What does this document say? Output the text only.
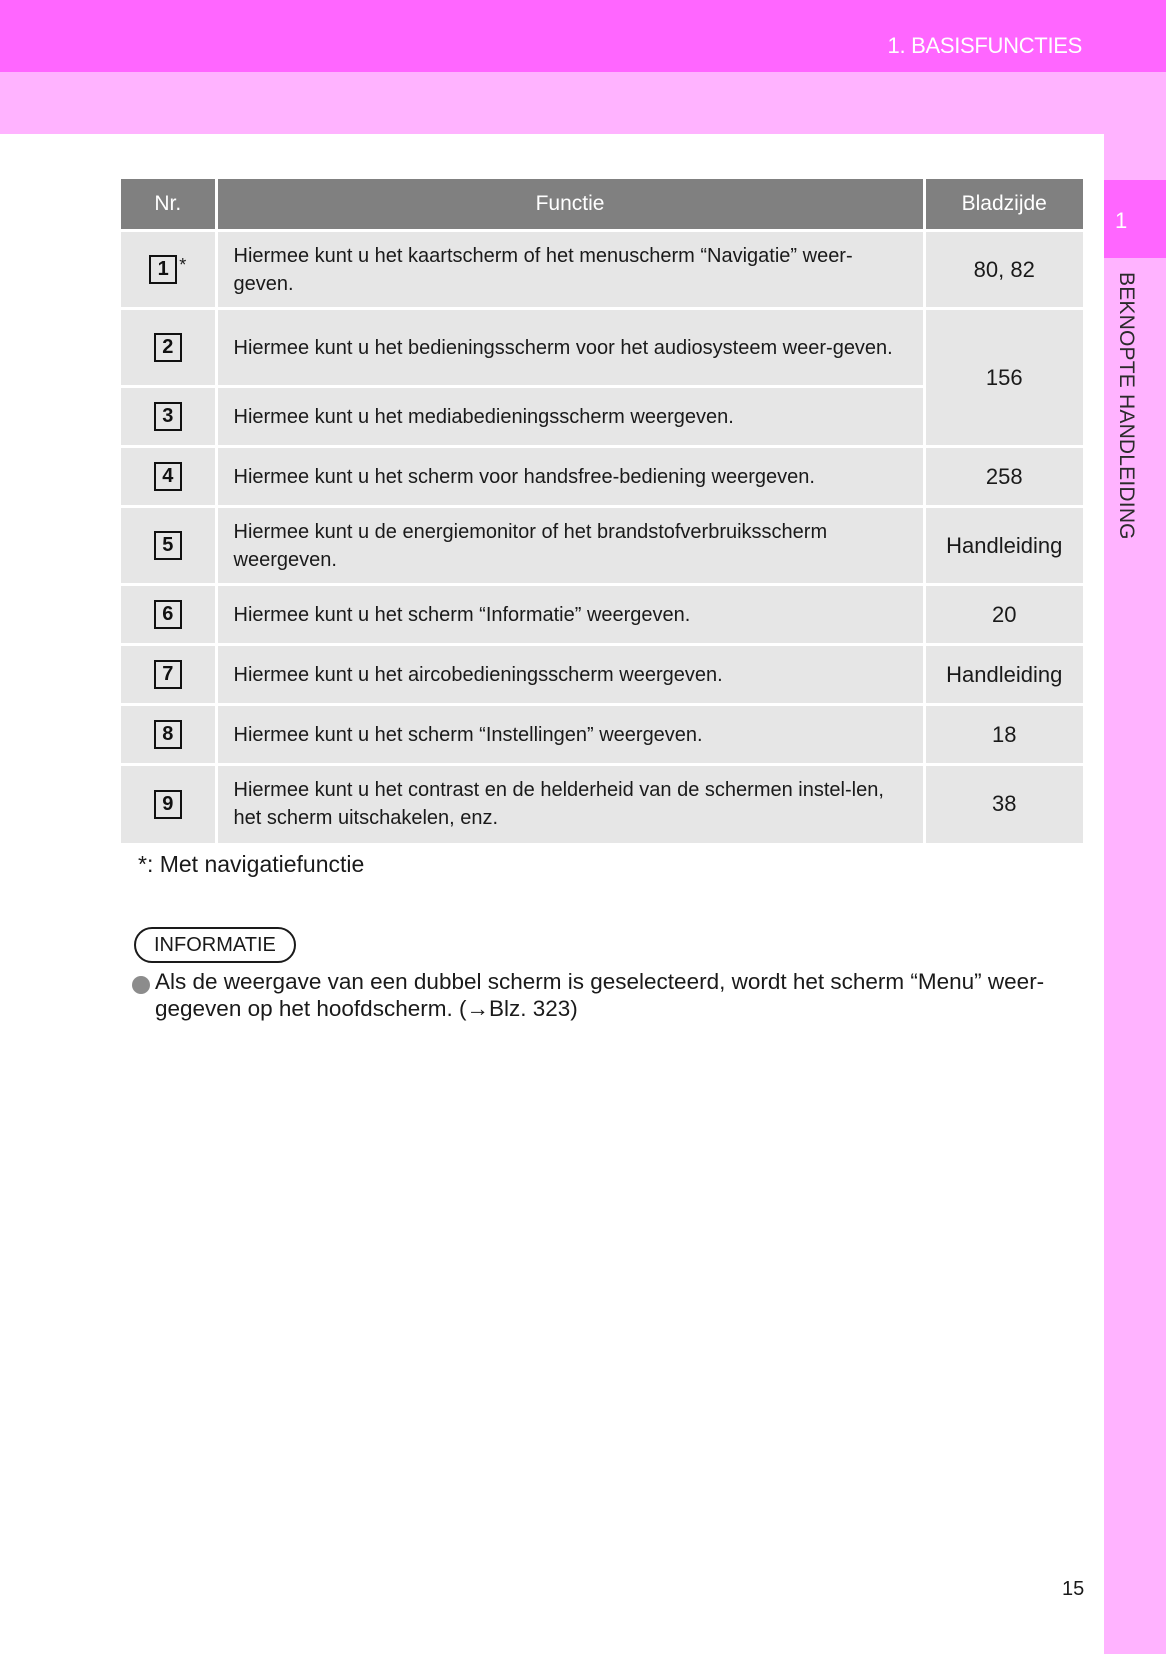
1. BASISFUNCTIES
1
BEKNOPTE HANDLEIDING
Nr.	Functie	Bladzijde
1 *	Hiermee kunt u het kaartscherm of het menuscherm “Navigatie” weer-geven.	80, 82
2	Hiermee kunt u het bedieningsscherm voor het audiosysteem weer-geven.	156
3	Hiermee kunt u het mediabedieningsscherm weergeven.	
4	Hiermee kunt u het scherm voor handsfree-bediening weergeven.	258
5	Hiermee kunt u de energiemonitor of het brandstofverbruiksscherm weergeven.	Handleiding
6	Hiermee kunt u het scherm “Informatie” weergeven.	20
7	Hiermee kunt u het aircobedieningsscherm weergeven.	Handleiding
8	Hiermee kunt u het scherm “Instellingen” weergeven.	18
9	Hiermee kunt u het contrast en de helderheid van de schermen instel-len, het scherm uitschakelen, enz.	38
*: Met navigatiefunctie
INFORMATIE
Als de weergave van een dubbel scherm is geselecteerd, wordt het scherm “Menu” weer-gegeven op het hoofdscherm. (→Blz. 323)
15
